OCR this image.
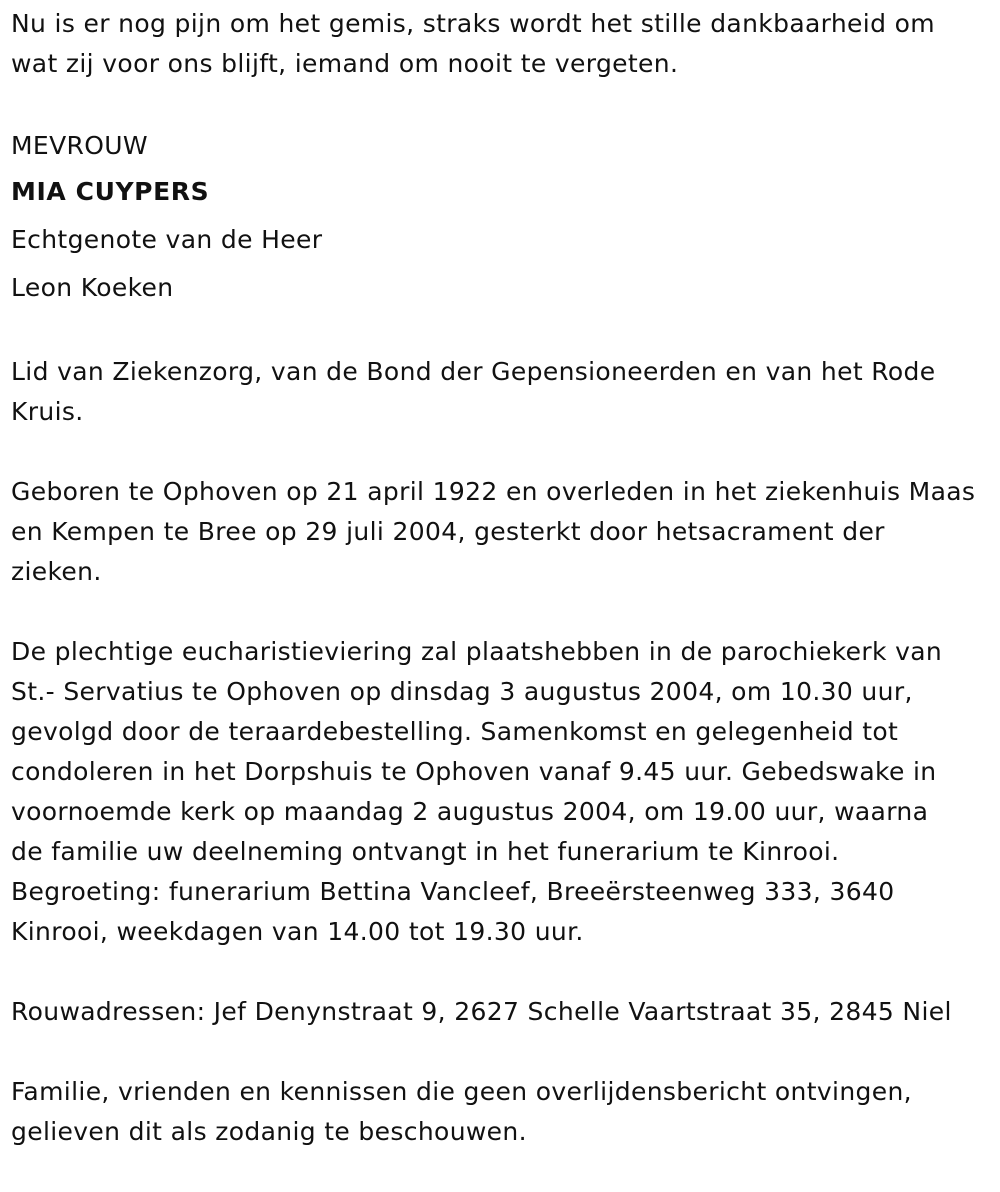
Nu is er nog pijn om het gemis, straks wordt het stille dankbaarheid om
wat zij voor ons blijft, iemand om nooit te vergeten.
MEVROUW
MIA CUYPERS
Echtgenote van de Heer
Leon Koeken
Lid van Ziekenzorg, van de Bond der Gepensioneerden en van het Rode
Kruis.
Geboren te Ophoven op 21 april 1922 en overleden in het ziekenhuis Maas
en Kempen te Bree op 29 juli 2004, gesterkt door hetsacrament der
zieken.
De plechtige eucharistieviering zal plaatshebben in de parochiekerk van
St.- Servatius te Ophoven op dinsdag 3 augustus 2004, om 10.30 uur,
gevolgd door de teraardebestelling. Samenkomst en gelegenheid tot
condoleren in het Dorpshuis te Ophoven vanaf 9.45 uur. Gebedswake in
voornoemde kerk op maandag 2 augustus 2004, om 19.00 uur, waarna
de familie uw deelneming ontvangt in het funerarium te Kinrooi.
Begroeting: funerarium Bettina Vancleef, Breeërsteenweg 333, 3640
Kinrooi, weekdagen van 14.00 tot 19.30 uur.
Rouwadressen: Jef Denynstraat 9, 2627 Schelle Vaartstraat 35, 2845 Niel
Familie, vrienden en kennissen die geen overlijdensbericht ontvingen,
gelieven dit als zodanig te beschouwen.
